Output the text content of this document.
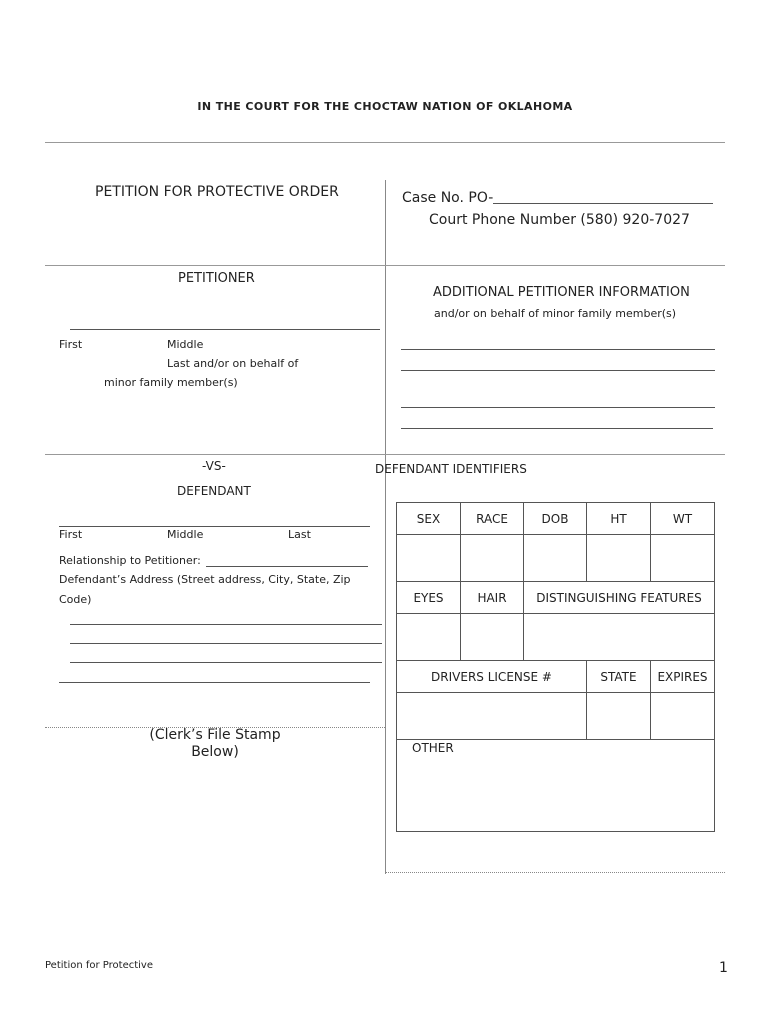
IN THE COURT FOR THE CHOCTAW NATION OF OKLAHOMA
PETITION FOR PROTECTIVE ORDER	Case No. PO-
Court Phone Number (580) 920-7027
PETITIONER
First	Middle
Last and/or on behalf of
minor family member(s)
ADDITIONAL PETITIONER INFORMATION
and/or on behalf of minor family member(s)
-VS-
DEFENDANT
First	Middle	Last
Relationship to Petitioner:
Defendant’s Address (Street address, City, State, Zip
Code)
(Clerk’s File Stamp
Below)
DEFENDANT IDENTIFIERS
SEX	RACE	DOB	HT	WT

EYES	HAIR	DISTINGUISHING FEATURES		

DRIVERS LICENSE #			STATE	EXPIRES

OTHER				
Petition for Protective	1
